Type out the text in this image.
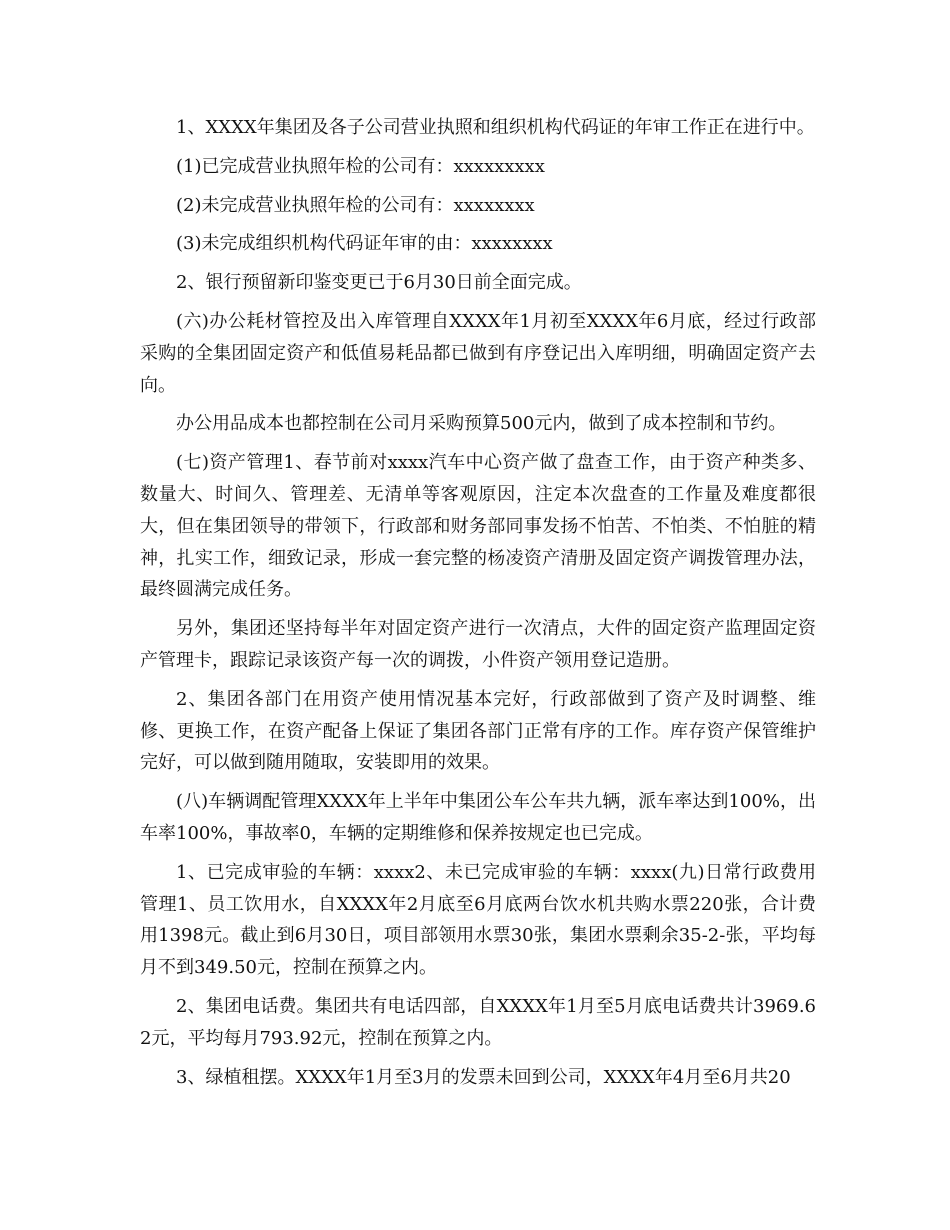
1、XXXX年集团及各子公司营业执照和组织机构代码证的年审工作正在进行中。

(1)已完成营业执照年检的公司有：xxxxxxxxx

(2)未完成营业执照年检的公司有：xxxxxxxx

(3)未完成组织机构代码证年审的由：xxxxxxxx

2、银行预留新印鉴变更已于6月30日前全面完成。

(六)办公耗材管控及出入库管理自XXXX年1月初至XXXX年6月底，经过行政部采购的全集团固定资产和低值易耗品都已做到有序登记出入库明细，明确固定资产去向。

办公用品成本也都控制在公司月采购预算500元内，做到了成本控制和节约。

(七)资产管理1、春节前对xxxx汽车中心资产做了盘查工作，由于资产种类多、数量大、时间久、管理差、无清单等客观原因，注定本次盘查的工作量及难度都很大，但在集团领导的带领下，行政部和财务部同事发扬不怕苦、不怕类、不怕脏的精神，扎实工作，细致记录，形成一套完整的杨凌资产清册及固定资产调拨管理办法，最终圆满完成任务。

另外，集团还坚持每半年对固定资产进行一次清点，大件的固定资产监理固定资产管理卡，跟踪记录该资产每一次的调拨，小件资产领用登记造册。

2、集团各部门在用资产使用情况基本完好，行政部做到了资产及时调整、维修、更换工作，在资产配备上保证了集团各部门正常有序的工作。库存资产保管维护完好，可以做到随用随取，安装即用的效果。

(八)车辆调配管理XXXX年上半年中集团公车公车共九辆，派车率达到100%，出车率100%，事故率0，车辆的定期维修和保养按规定也已完成。

1、已完成审验的车辆：xxxx2、未已完成审验的车辆：xxxx(九)日常行政费用管理1、员工饮用水，自XXXX年2月底至6月底两台饮水机共购水票220张，合计费用1398元。截止到6月30日，项目部领用水票30张，集团水票剩余35-2-张，平均每月不到349.50元，控制在预算之内。

2、集团电话费。集团共有电话四部，自XXXX年1月至5月底电话费共计3969.62元，平均每月793.92元，控制在预算之内。

3、绿植租摆。XXXX年1月至3月的发票未回到公司，XXXX年4月至6月共20
